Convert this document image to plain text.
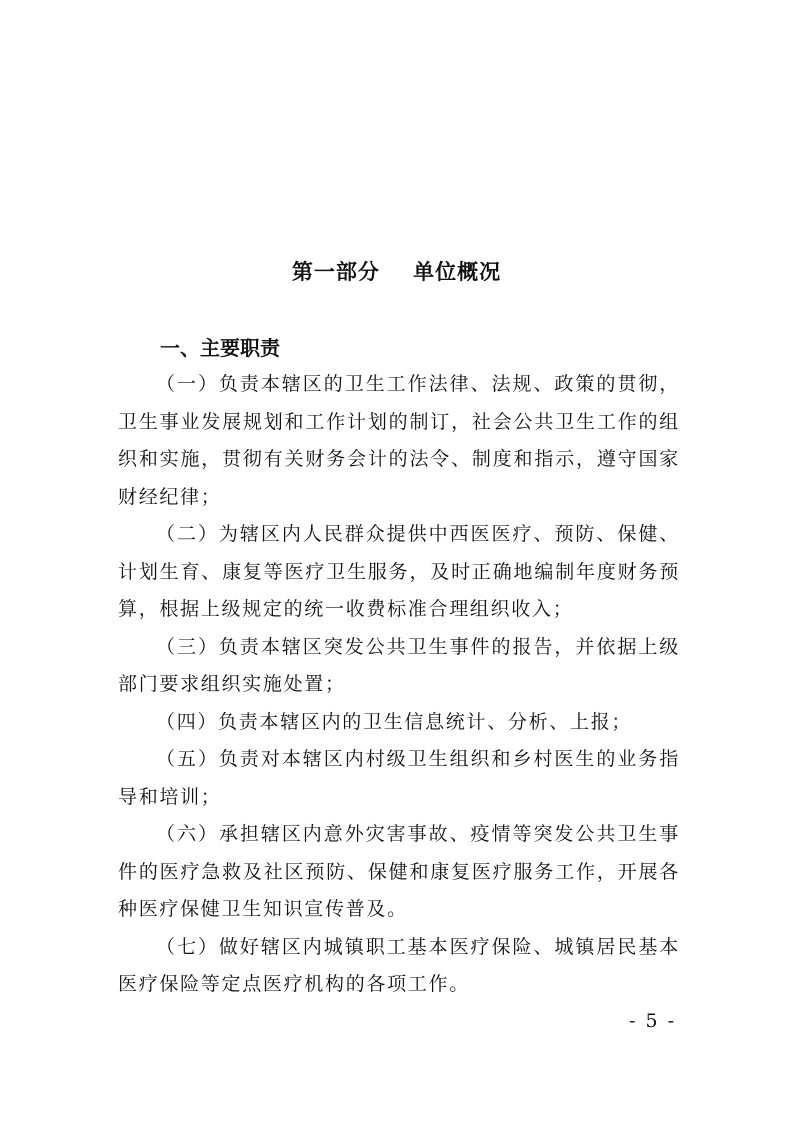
第一部分    单位概况
一、主要职责

（一）负责本辖区的卫生工作法律、法规、政策的贯彻，卫生事业发展规划和工作计划的制订，社会公共卫生工作的组织和实施，贯彻有关财务会计的法令、制度和指示，遵守国家财经纪律；

（二）为辖区内人民群众提供中西医医疗、预防、保健、计划生育、康复等医疗卫生服务，及时正确地编制年度财务预算，根据上级规定的统一收费标准合理组织收入；

（三）负责本辖区突发公共卫生事件的报告，并依据上级部门要求组织实施处置；

（四）负责本辖区内的卫生信息统计、分析、上报；

（五）负责对本辖区内村级卫生组织和乡村医生的业务指导和培训；

（六）承担辖区内意外灾害事故、疫情等突发公共卫生事件的医疗急救及社区预防、保健和康复医疗服务工作，开展各种医疗保健卫生知识宣传普及。

（七）做好辖区内城镇职工基本医疗保险、城镇居民基本医疗保险等定点医疗机构的各项工作。

- 5 -
